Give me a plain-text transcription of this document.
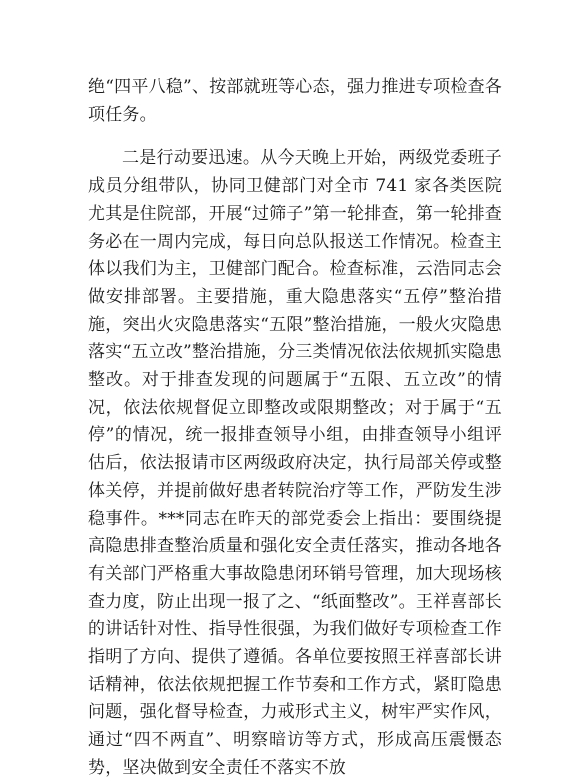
绝“四平八稳”、按部就班等心态，强力推进专项检查各项任务。

二是行动要迅速。从今天晚上开始，两级党委班子成员分组带队，协同卫健部门对全市 741 家各类医院尤其是住院部，开展“过筛子”第一轮排查，第一轮排查务必在一周内完成，每日向总队报送工作情况。检查主体以我们为主，卫健部门配合。检查标准，云浩同志会做安排部署。主要措施，重大隐患落实“五停”整治措施，突出火灾隐患落实“五限”整治措施，一般火灾隐患落实“五立改”整治措施，分三类情况依法依规抓实隐患整改。对于排查发现的问题属于“五限、五立改”的情况，依法依规督促立即整改或限期整改；对于属于“五停”的情况，统一报排查领导小组，由排查领导小组评估后，依法报请市区两级政府决定，执行局部关停或整体关停，并提前做好患者转院治疗等工作，严防发生涉稳事件。***同志在昨天的部党委会上指出：要围绕提高隐患排查整治质量和强化安全责任落实，推动各地各有关部门严格重大事故隐患闭环销号管理，加大现场核查力度，防止出现一报了之、“纸面整改”。王祥喜部长的讲话针对性、指导性很强，为我们做好专项检查工作指明了方向、提供了遵循。各单位要按照王祥喜部长讲话精神，依法依规把握工作节奏和工作方式，紧盯隐患问题，强化督导检查，力戒形式主义，树牢严实作风，通过“四不两直”、明察暗访等方式，形成高压震慑态势，坚决做到安全责任不落实不放
